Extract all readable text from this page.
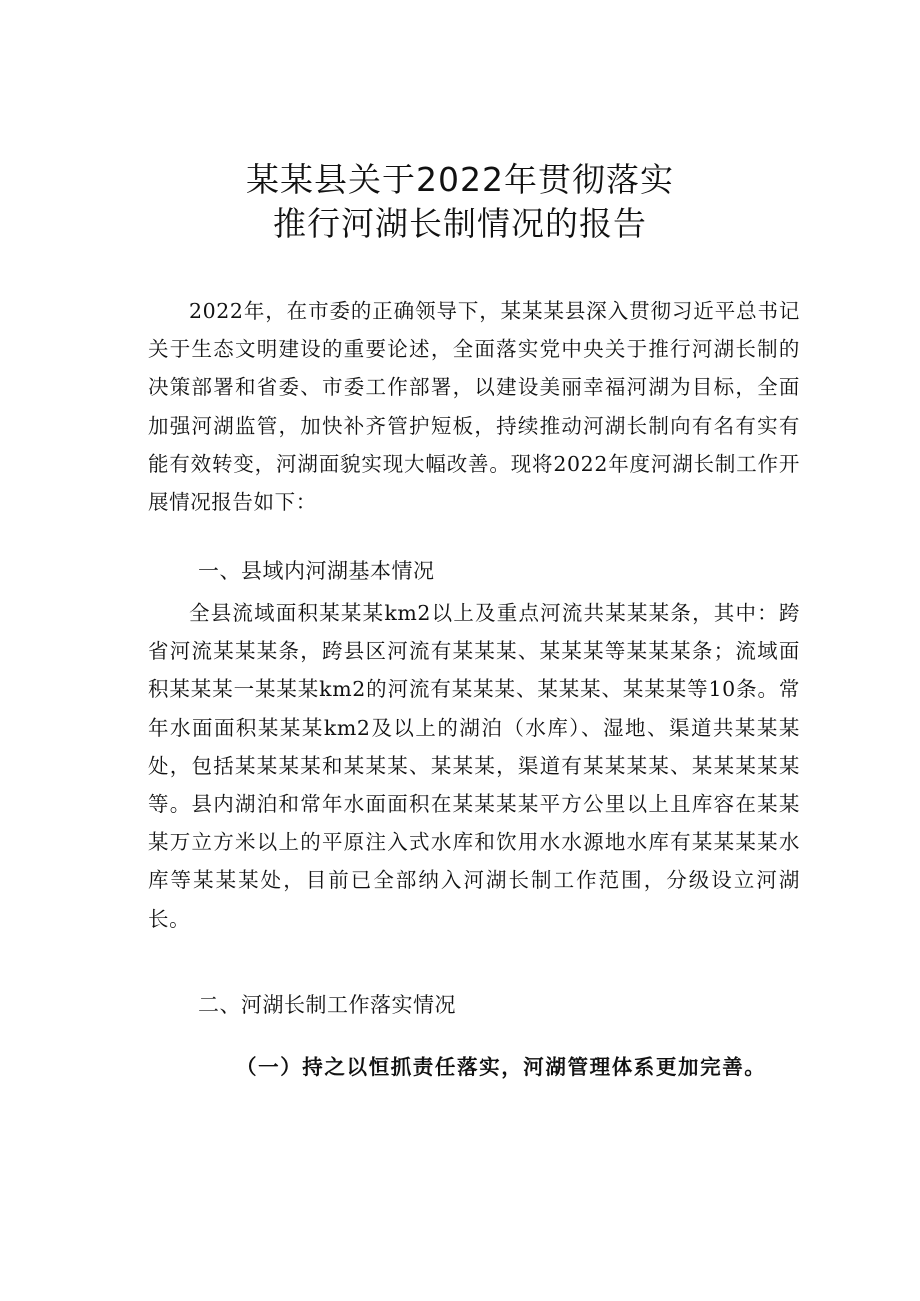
某某县关于2022年贯彻落实
推行河湖长制情况的报告
2022年，在市委的正确领导下，某某某县深入贯彻习近平总书记关于生态文明建设的重要论述，全面落实党中央关于推行河湖长制的决策部署和省委、市委工作部署，以建设美丽幸福河湖为目标，全面加强河湖监管，加快补齐管护短板，持续推动河湖长制向有名有实有能有效转变，河湖面貌实现大幅改善。现将2022年度河湖长制工作开展情况报告如下：
一、县域内河湖基本情况
全县流域面积某某某km2以上及重点河流共某某某条，其中：跨省河流某某某条，跨县区河流有某某某、某某某等某某某条；流域面积某某某一某某某km2的河流有某某某、某某某、某某某等10条。常年水面面积某某某km2及以上的湖泊（水库）、湿地、渠道共某某某处，包括某某某某和某某某、某某某，渠道有某某某某、某某某某某等。县内湖泊和常年水面面积在某某某某平方公里以上且库容在某某某万立方米以上的平原注入式水库和饮用水水源地水库有某某某某水库等某某某处，目前已全部纳入河湖长制工作范围，分级设立河湖长。
二、河湖长制工作落实情况
（一）持之以恒抓责任落实，河湖管理体系更加完善。
